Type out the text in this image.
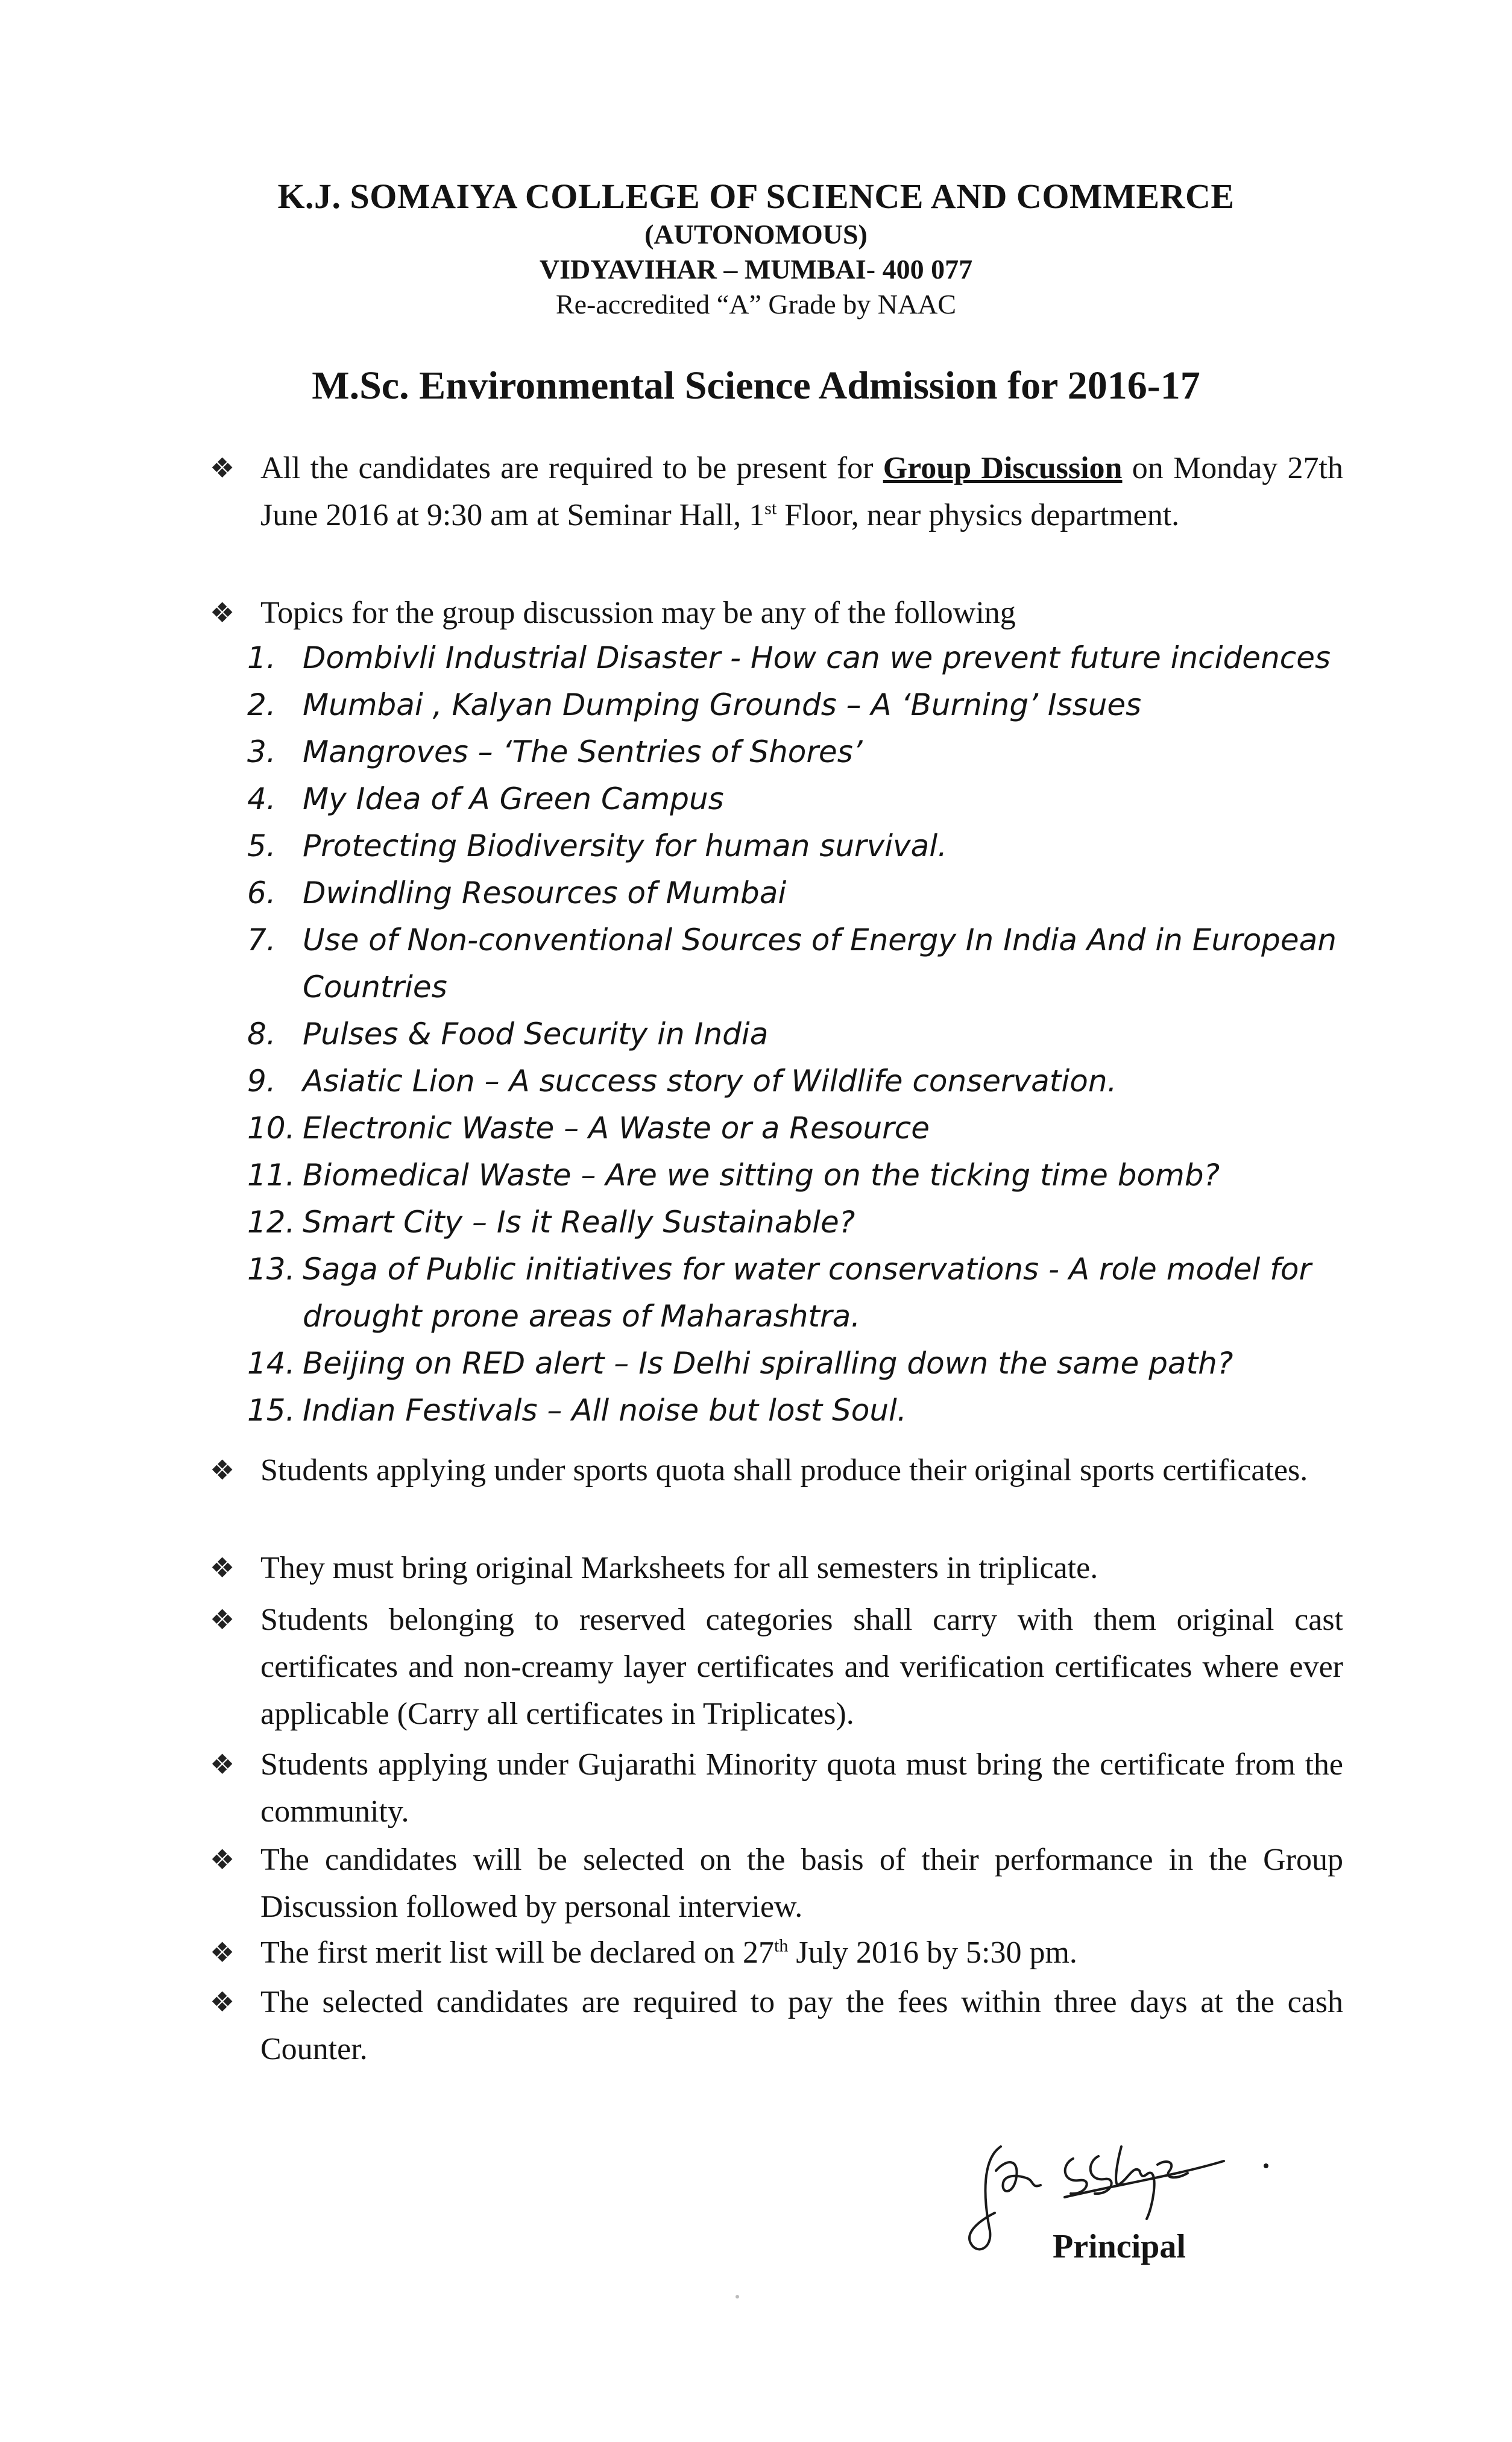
K.J. SOMAIYA COLLEGE OF SCIENCE AND COMMERCE
(AUTONOMOUS)
VIDYAVIHAR – MUMBAI- 400 077
Re-accredited “A” Grade by NAAC
M.Sc. Environmental Science Admission for 2016-17
❖ All the candidates are required to be present for Group Discussion on Monday 27th June 2016 at 9:30 am at Seminar Hall, 1st Floor, near physics department.
❖ Topics for the group discussion may be any of the following
1. Dombivli Industrial Disaster - How can we prevent future incidences
2. Mumbai , Kalyan Dumping Grounds – A ‘Burning’ Issues
3. Mangroves – ‘The Sentries of Shores’
4. My Idea of A Green Campus
5. Protecting Biodiversity for human survival.
6. Dwindling Resources of Mumbai
7. Use of Non-conventional Sources of Energy In India And in European Countries
8. Pulses & Food Security in India
9. Asiatic Lion – A success story of Wildlife conservation.
10. Electronic Waste – A Waste or a Resource
11. Biomedical Waste – Are we sitting on the ticking time bomb?
12. Smart City – Is it Really Sustainable?
13. Saga of Public initiatives for water conservations - A role model for drought prone areas of Maharashtra.
14. Beijing on RED alert – Is Delhi spiralling down the same path?
15. Indian Festivals – All noise but lost Soul.
❖ Students applying under sports quota shall produce their original sports certificates.
❖ They must bring original Marksheets for all semesters in triplicate.
❖ Students belonging to reserved categories shall carry with them original cast certificates and non-creamy layer certificates and verification certificates where ever applicable (Carry all certificates in Triplicates).
❖ Students applying under Gujarathi Minority quota must bring the certificate from the community.
❖ The candidates will be selected on the basis of their performance in the Group Discussion followed by personal interview.
❖ The first merit list will be declared on 27th July 2016 by 5:30 pm.
❖ The selected candidates are required to pay the fees within three days at the cash Counter.
Principal
